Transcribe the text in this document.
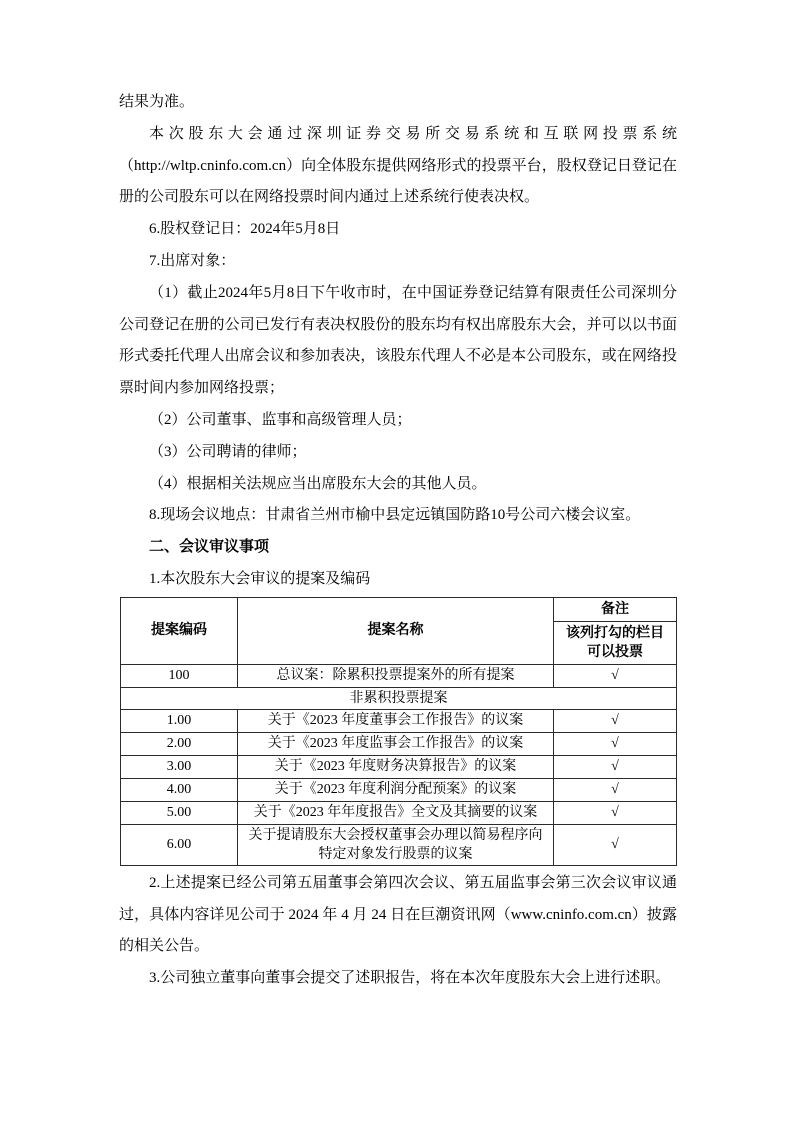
结果为准。

本次股东大会通过深圳证券交易所交易系统和互联网投票系统（http://wltp.cninfo.com.cn）向全体股东提供网络形式的投票平台，股权登记日登记在册的公司股东可以在网络投票时间内通过上述系统行使表决权。

6.股权登记日：2024年5月8日

7.出席对象：

（1）截止2024年5月8日下午收市时，在中国证券登记结算有限责任公司深圳分公司登记在册的公司已发行有表决权股份的股东均有权出席股东大会，并可以以书面形式委托代理人出席会议和参加表决，该股东代理人不必是本公司股东，或在网络投票时间内参加网络投票；

（2）公司董事、监事和高级管理人员；

（3）公司聘请的律师；

（4）根据相关法规应当出席股东大会的其他人员。

8.现场会议地点：甘肃省兰州市榆中县定远镇国防路10号公司六楼会议室。

二、会议审议事项

1.本次股东大会审议的提案及编码

提案编码	提案名称	备注
		该列打勾的栏目可以投票
100	总议案：除累积投票提案外的所有提案	√
非累积投票提案		
1.00	关于《2023 年度董事会工作报告》的议案	√
2.00	关于《2023 年度监事会工作报告》的议案	√
3.00	关于《2023 年度财务决算报告》的议案	√
4.00	关于《2023 年度利润分配预案》的议案	√
5.00	关于《2023 年年度报告》全文及其摘要的议案	√
6.00	关于提请股东大会授权董事会办理以简易程序向特定对象发行股票的议案	√

2.上述提案已经公司第五届董事会第四次会议、第五届监事会第三次会议审议通过，具体内容详见公司于 2024 年 4 月 24 日在巨潮资讯网（www.cninfo.com.cn）披露的相关公告。

3.公司独立董事向董事会提交了述职报告，将在本次年度股东大会上进行述职。
